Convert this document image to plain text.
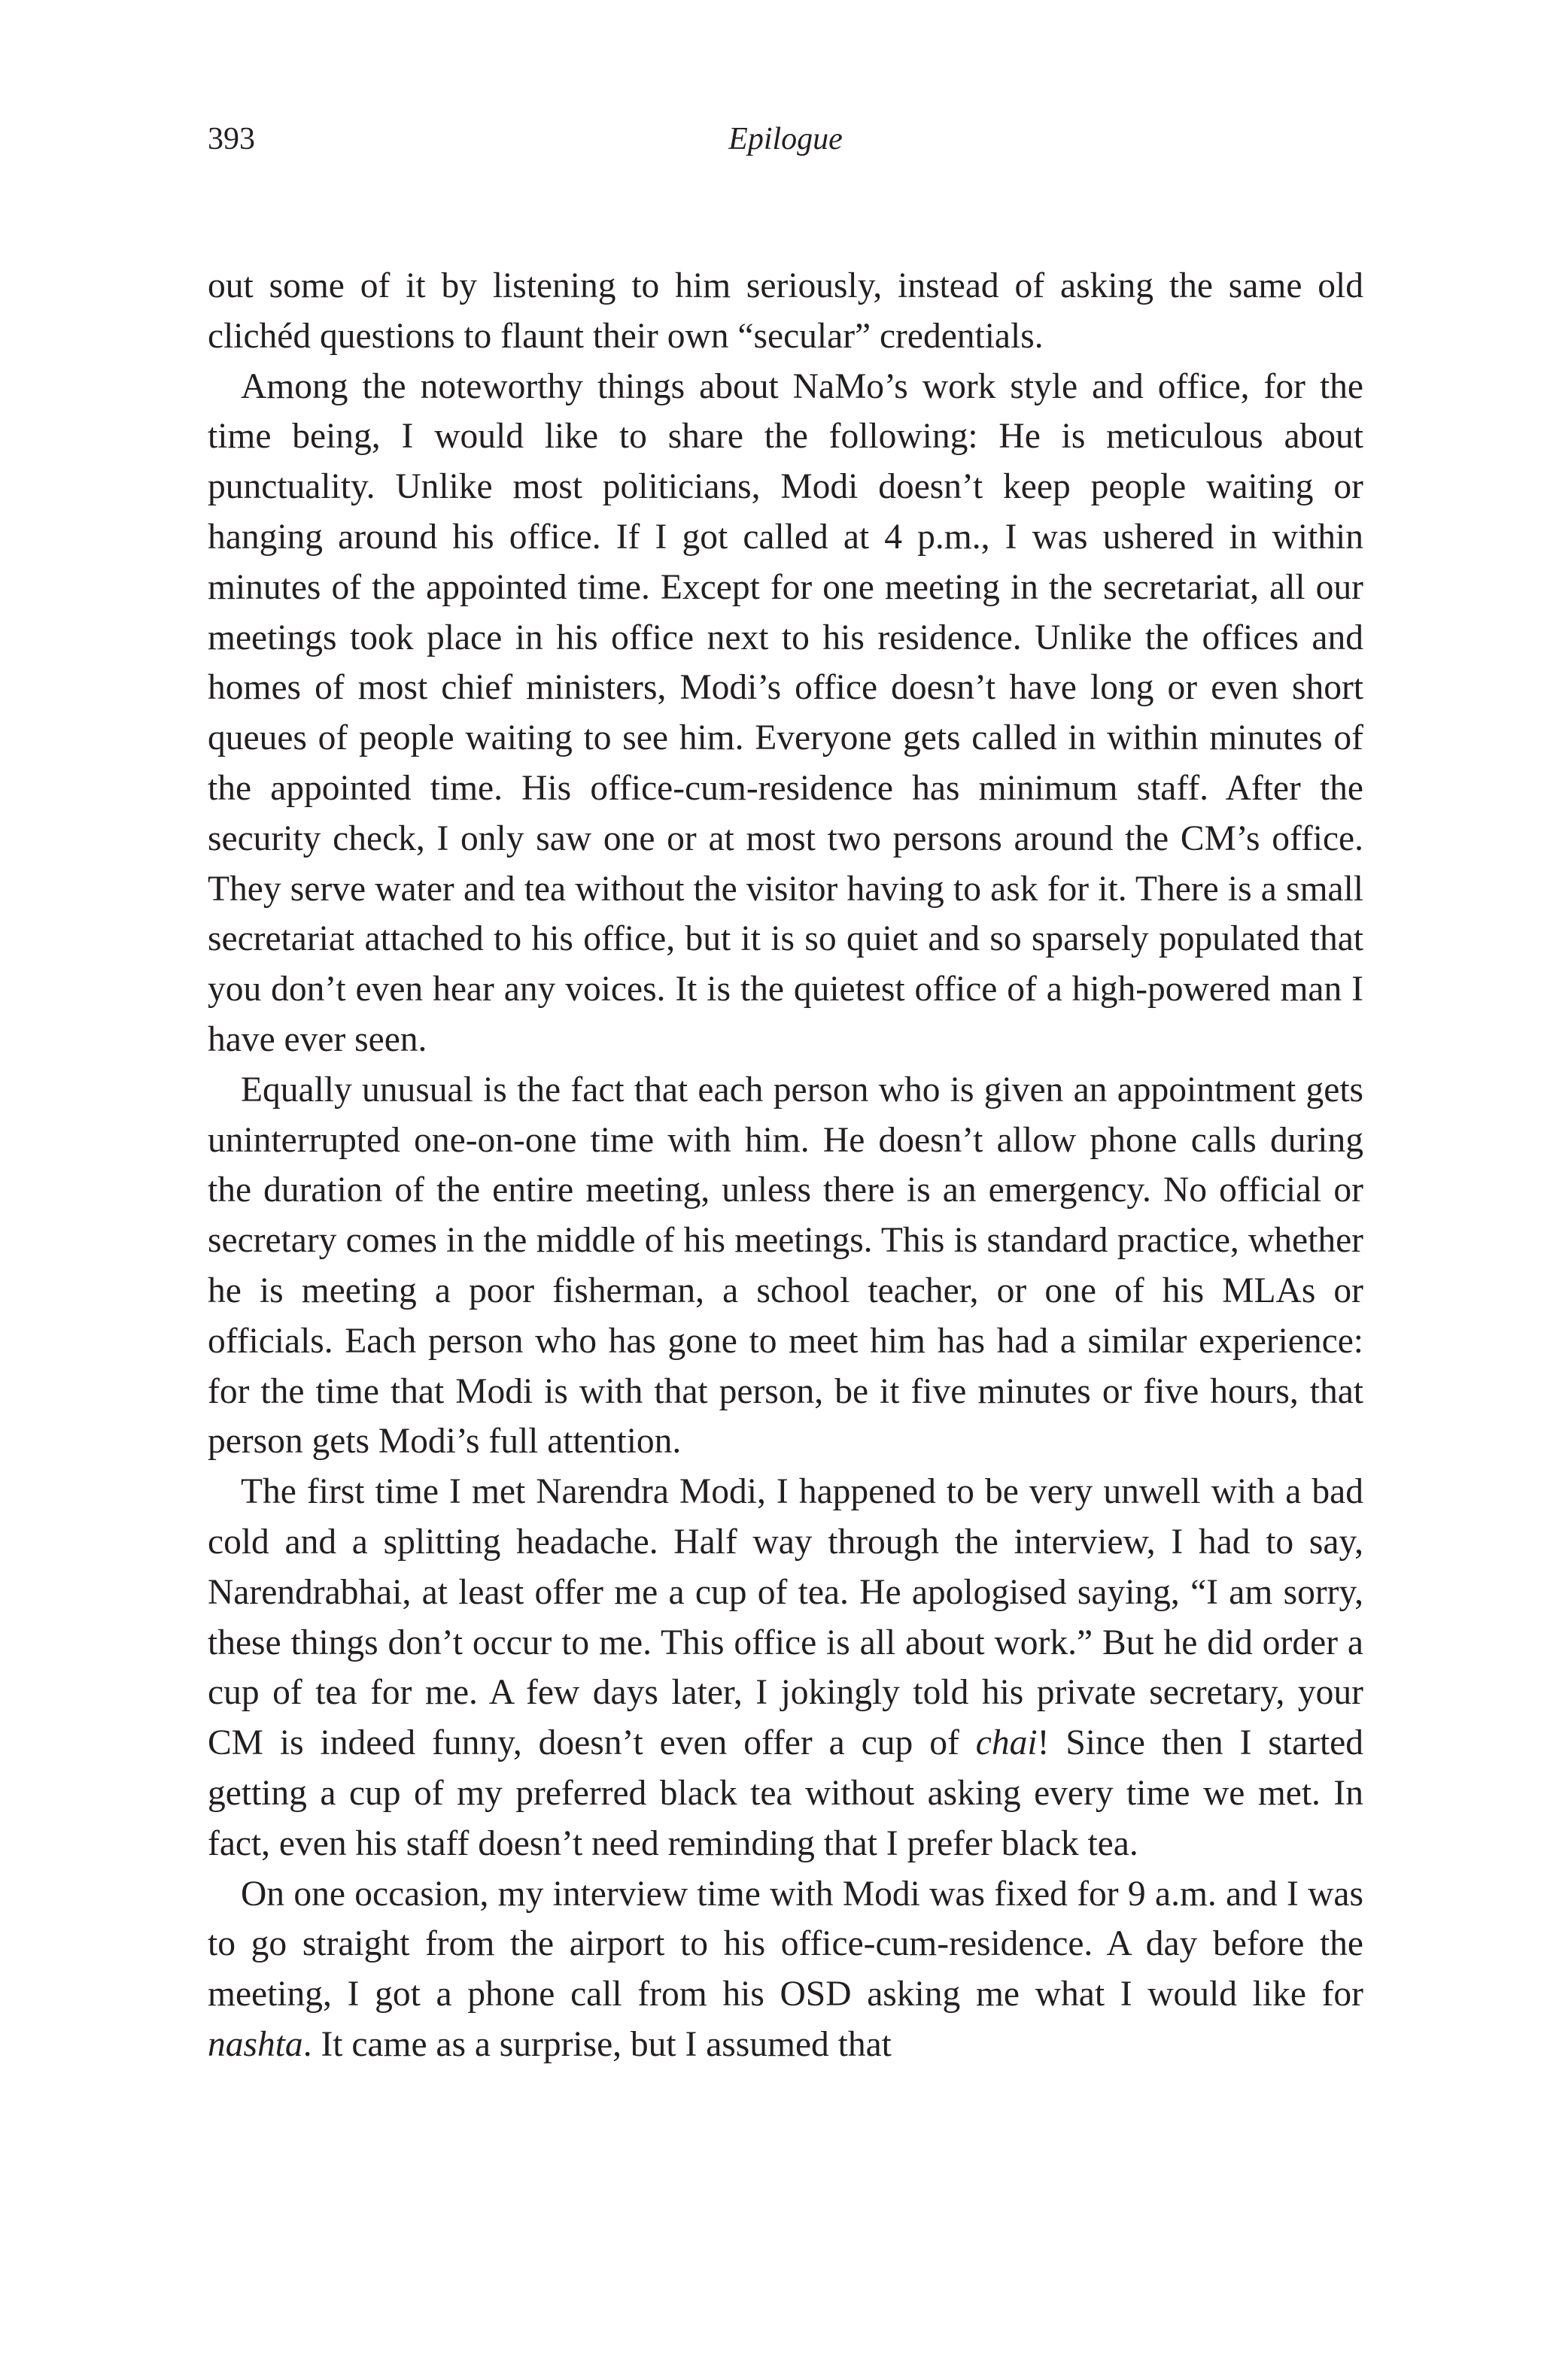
393	Epilogue

out some of it by listening to him seriously, instead of asking the same old clichéd questions to flaunt their own “secular” credentials.

Among the noteworthy things about NaMo’s work style and office, for the time being, I would like to share the following: He is meticulous about punctuality. Unlike most politicians, Modi doesn’t keep people waiting or hanging around his office. If I got called at 4 p.m., I was ushered in within minutes of the appointed time. Except for one meeting in the secretariat, all our meetings took place in his office next to his residence. Unlike the offices and homes of most chief ministers, Modi’s office doesn’t have long or even short queues of people waiting to see him. Everyone gets called in within minutes of the appointed time. His office-cum-residence has minimum staff. After the security check, I only saw one or at most two persons around the CM’s office. They serve water and tea without the visitor having to ask for it. There is a small secretariat attached to his office, but it is so quiet and so sparsely populated that you don’t even hear any voices. It is the quietest office of a high-powered man I have ever seen.

Equally unusual is the fact that each person who is given an appointment gets uninterrupted one-on-one time with him. He doesn’t allow phone calls during the duration of the entire meeting, unless there is an emergency. No official or secretary comes in the middle of his meetings. This is standard practice, whether he is meeting a poor fisherman, a school teacher, or one of his MLAs or officials. Each person who has gone to meet him has had a similar experience: for the time that Modi is with that person, be it five minutes or five hours, that person gets Modi’s full attention.

The first time I met Narendra Modi, I happened to be very unwell with a bad cold and a splitting headache. Half way through the interview, I had to say, Narendrabhai, at least offer me a cup of tea. He apologised saying, “I am sorry, these things don’t occur to me. This office is all about work.” But he did order a cup of tea for me. A few days later, I jokingly told his private secretary, your CM is indeed funny, doesn’t even offer a cup of chai! Since then I started getting a cup of my preferred black tea without asking every time we met. In fact, even his staff doesn’t need reminding that I prefer black tea.

On one occasion, my interview time with Modi was fixed for 9 a.m. and I was to go straight from the airport to his office-cum-residence. A day before the meeting, I got a phone call from his OSD asking me what I would like for nashta. It came as a surprise, but I assumed that
